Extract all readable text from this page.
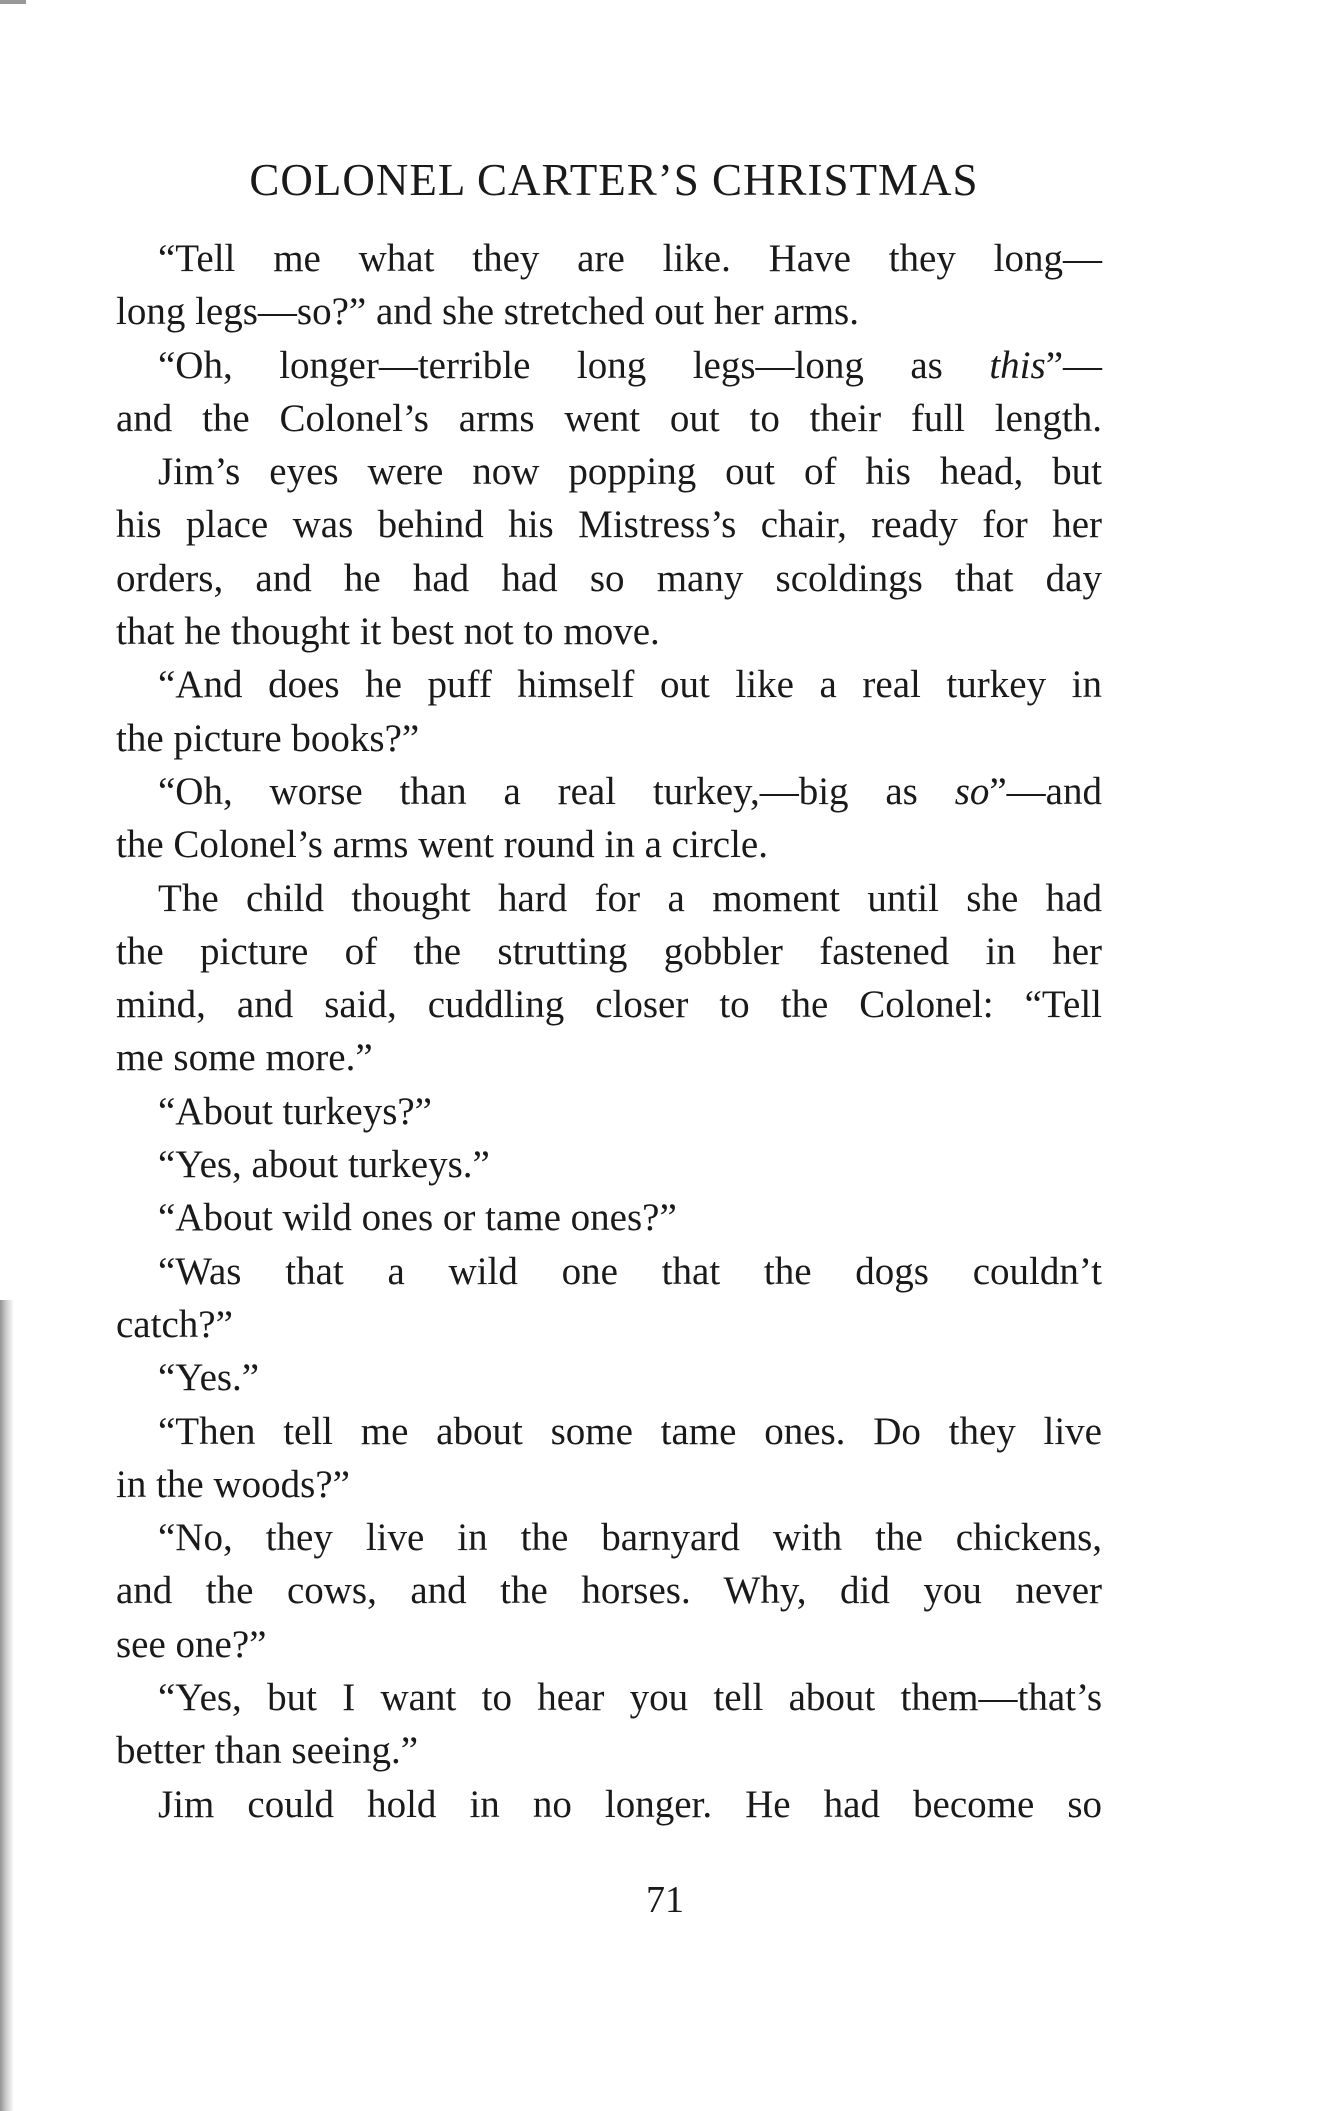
COLONEL CARTER’S CHRISTMAS
“Tell me what they are like. Have they long—
long legs—so?” and she stretched out her arms.
“Oh, longer—terrible long legs—long as this”—
and the Colonel’s arms went out to their full length.
Jim’s eyes were now popping out of his head, but
his place was behind his Mistress’s chair, ready for her
orders, and he had had so many scoldings that day
that he thought it best not to move.
“And does he puff himself out like a real turkey in
the picture books?”
“Oh, worse than a real turkey,—big as so”—and
the Colonel’s arms went round in a circle.
The child thought hard for a moment until she had
the picture of the strutting gobbler fastened in her
mind, and said, cuddling closer to the Colonel: “Tell
me some more.”
“About turkeys?”
“Yes, about turkeys.”
“About wild ones or tame ones?”
“Was that a wild one that the dogs couldn’t
catch?”
“Yes.”
“Then tell me about some tame ones. Do they live
in the woods?”
“No, they live in the barnyard with the chickens,
and the cows, and the horses. Why, did you never
see one?”
“Yes, but I want to hear you tell about them—that’s
better than seeing.”
Jim could hold in no longer. He had become so
71
